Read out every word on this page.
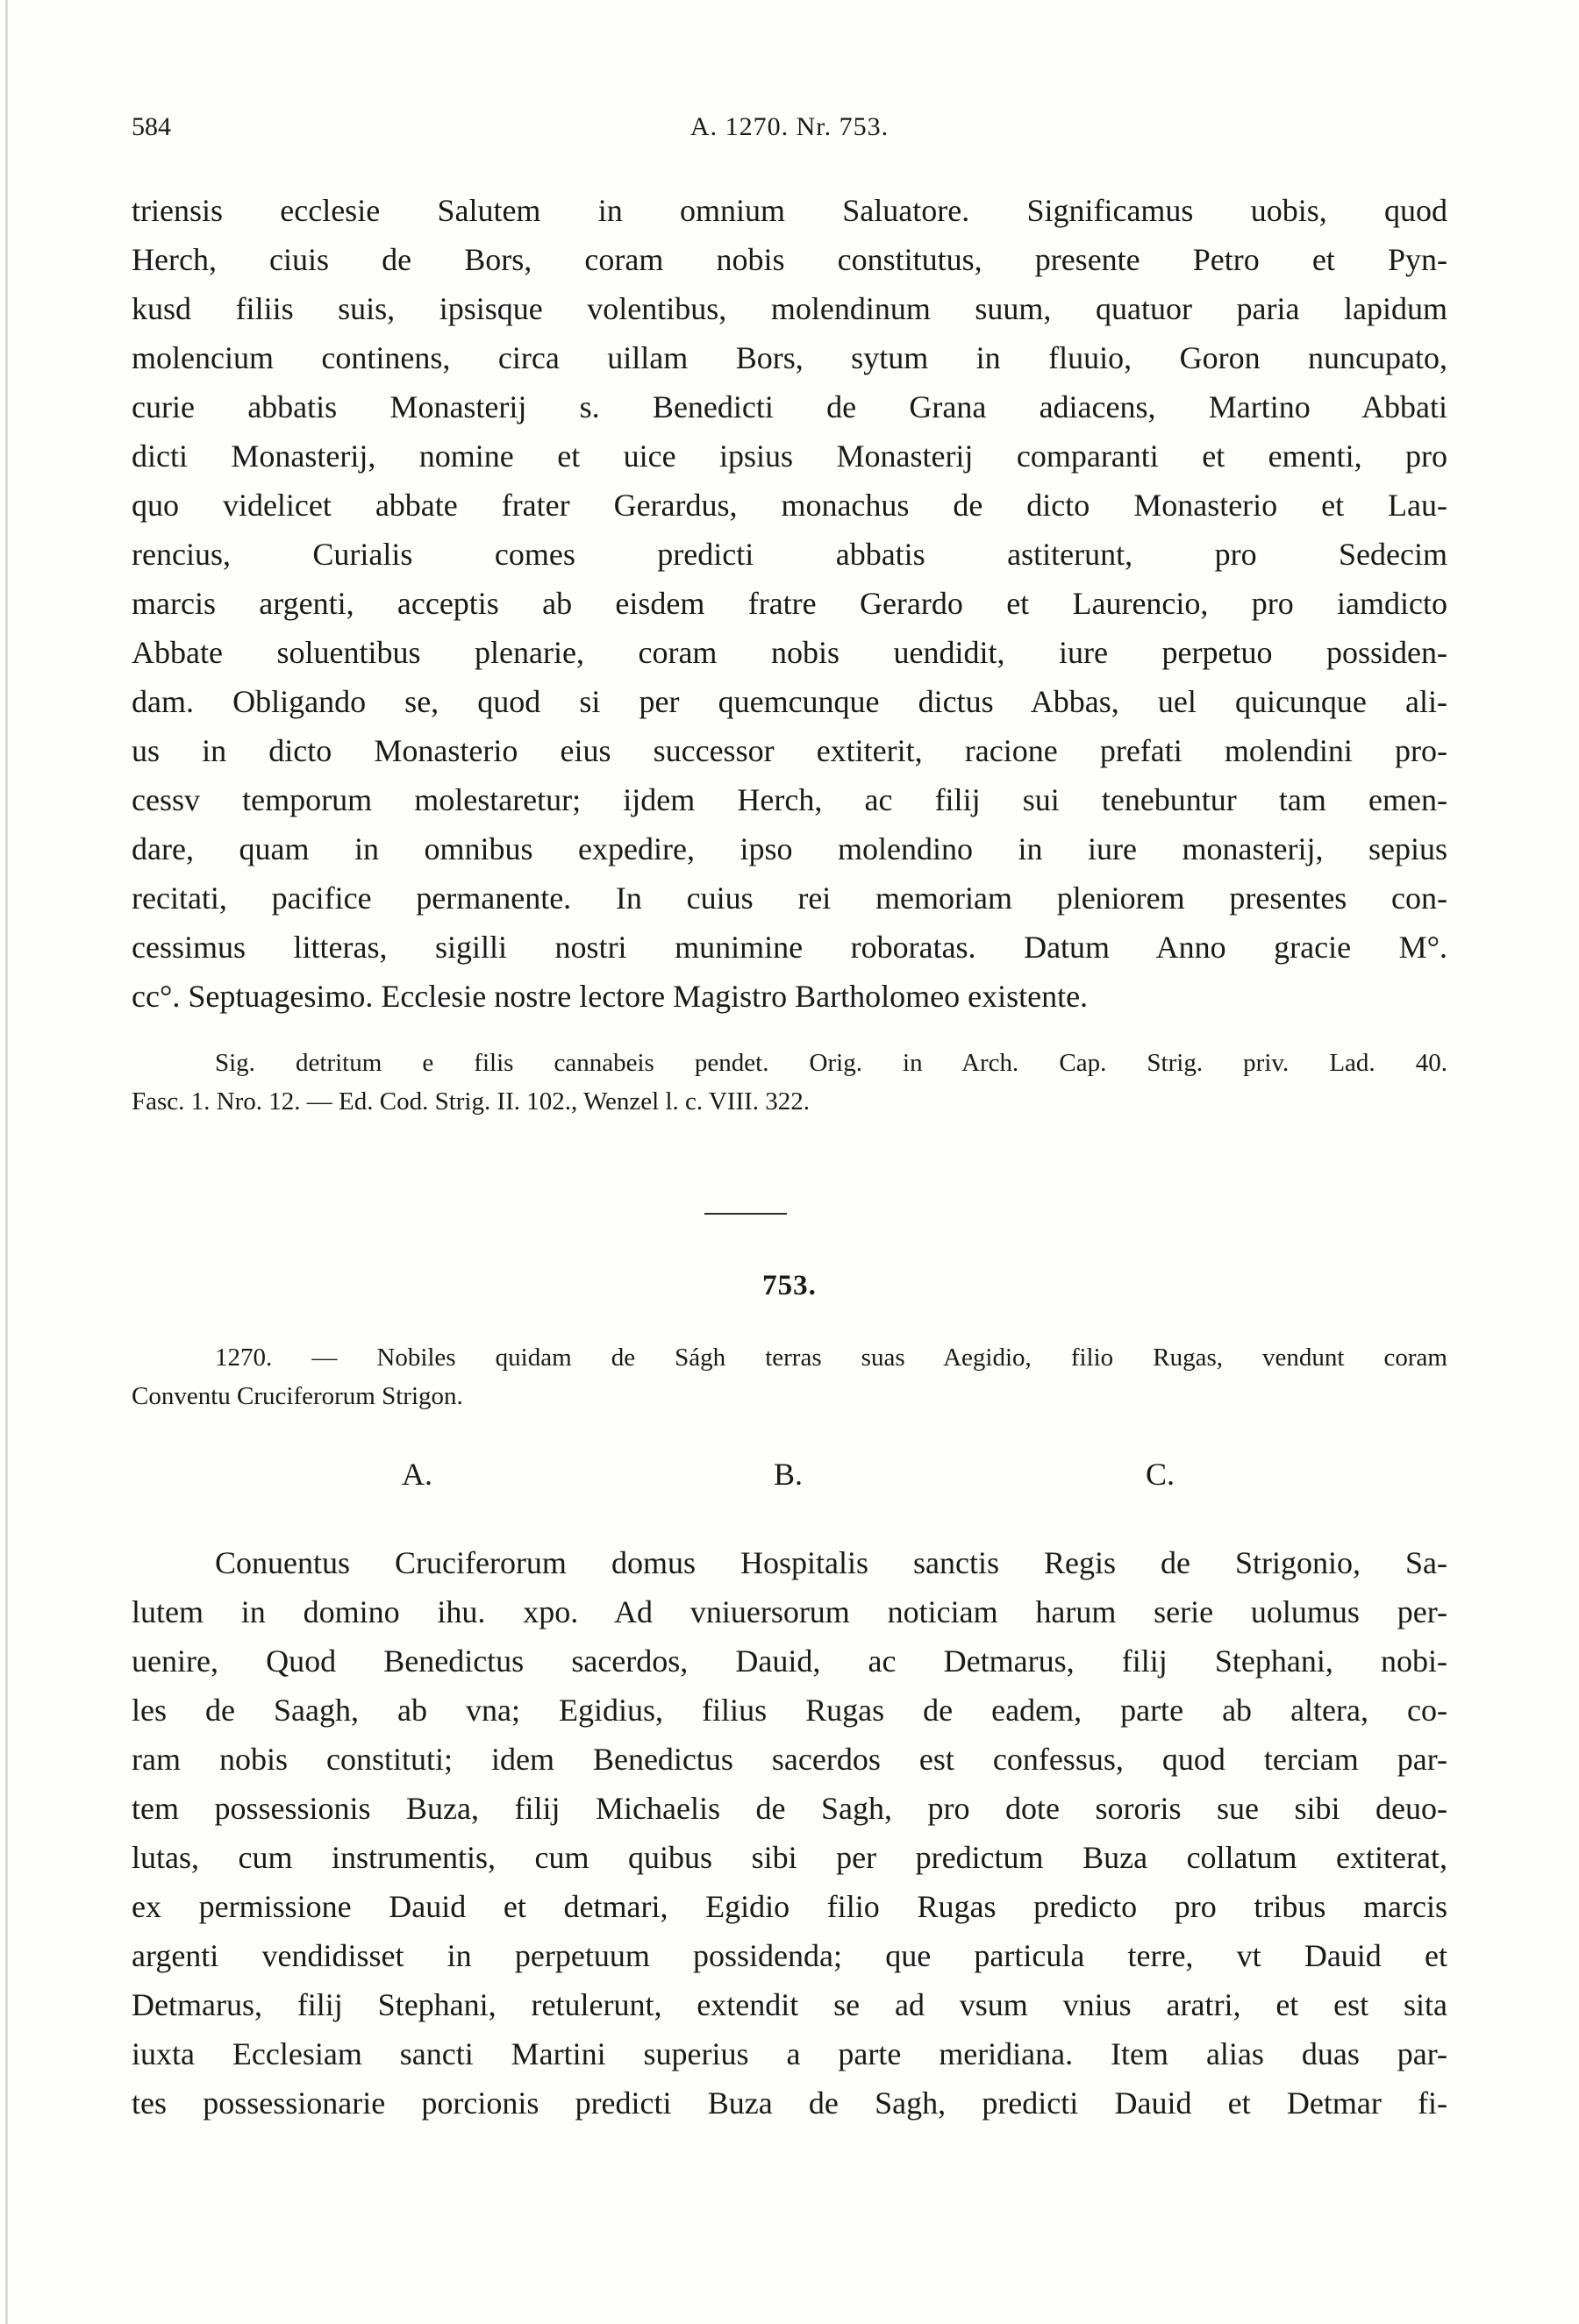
584	A. 1270. Nr. 753.
triensis ecclesie Salutem in omnium Saluatore. Significamus uobis, quod
Herch, ciuis de Bors, coram nobis constitutus, presente Petro et Pyn-
kusd filiis suis, ipsisque volentibus, molendinum suum, quatuor paria lapidum
molencium continens, circa uillam Bors, sytum in fluuio, Goron nuncupato,
curie abbatis Monasterij s. Benedicti de Grana adiacens, Martino Abbati
dicti Monasterij, nomine et uice ipsius Monasterij comparanti et ementi, pro
quo videlicet abbate frater Gerardus, monachus de dicto Monasterio et Lau-
rencius, Curialis comes predicti abbatis astiterunt, pro Sedecim
marcis argenti, acceptis ab eisdem fratre Gerardo et Laurencio, pro iamdicto
Abbate soluentibus plenarie, coram nobis uendidit, iure perpetuo possiden-
dam. Obligando se, quod si per quemcunque dictus Abbas, uel quicunque ali-
us in dicto Monasterio eius successor extiterit, racione prefati molendini pro-
cessv temporum molestaretur; ijdem Herch, ac filij sui tenebuntur tam emen-
dare, quam in omnibus expedire, ipso molendino in iure monasterij, sepius
recitati, pacifice permanente. In cuius rei memoriam pleniorem presentes con-
cessimus litteras, sigilli nostri munimine roboratas. Datum Anno gracie M°.
cc°. Septuagesimo. Ecclesie nostre lectore Magistro Bartholomeo existente.
Sig. detritum e filis cannabeis pendet. Orig. in Arch. Cap. Strig. priv. Lad. 40.
Fasc. 1. Nro. 12. — Ed. Cod. Strig. II. 102., Wenzel l. c. VIII. 322.
753.
1270. — Nobiles quidam de Ságh terras suas Aegidio, filio Rugas, vendunt coram
Conventu Cruciferorum Strigon.
A.	B.	C.
Conuentus Cruciferorum domus Hospitalis sanctis Regis de Strigonio, Sa-
lutem in domino ihu. xpo. Ad vniuersorum noticiam harum serie uolumus per-
uenire, Quod Benedictus sacerdos, Dauid, ac Detmarus, filij Stephani, nobi-
les de Saagh, ab vna; Egidius, filius Rugas de eadem, parte ab altera, co-
ram nobis constituti; idem Benedictus sacerdos est confessus, quod terciam par-
tem possessionis Buza, filij Michaelis de Sagh, pro dote sororis sue sibi deuo-
lutas, cum instrumentis, cum quibus sibi per predictum Buza collatum extiterat,
ex permissione Dauid et detmari, Egidio filio Rugas predicto pro tribus marcis
argenti vendidisset in perpetuum possidenda; que particula terre, vt Dauid et
Detmarus, filij Stephani, retulerunt, extendit se ad vsum vnius aratri, et est sita
iuxta Ecclesiam sancti Martini superius a parte meridiana. Item alias duas par-
tes possessionarie porcionis predicti Buza de Sagh, predicti Dauid et Detmar fi-
